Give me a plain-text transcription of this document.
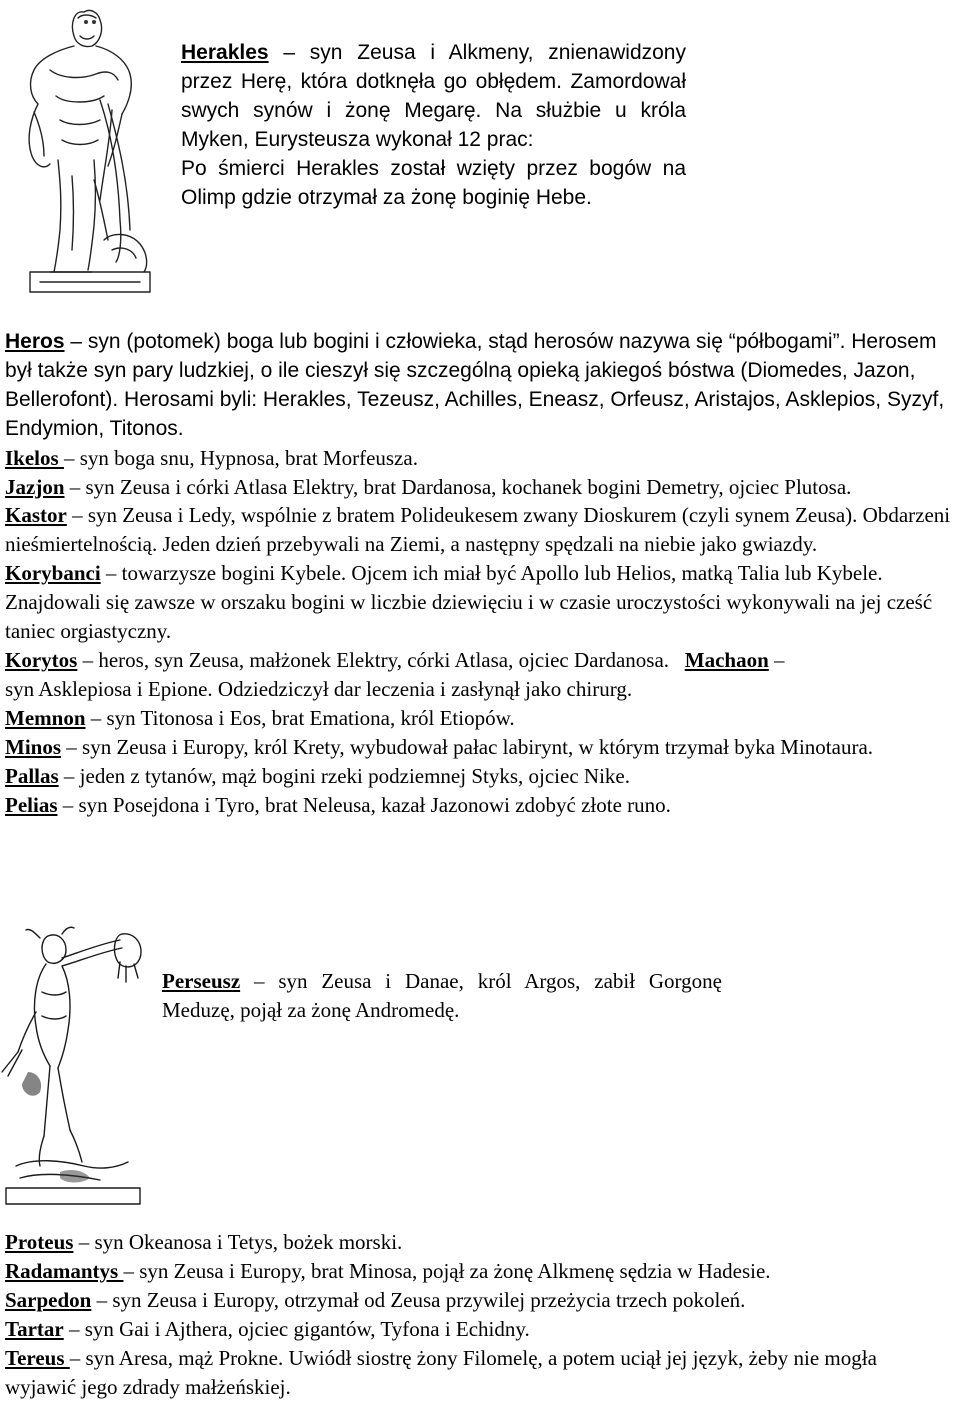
Herakles – syn Zeusa i Alkmeny, znienawidzony przez Herę, która dotknęła go obłędem. Zamordował swych synów i żonę Megarę. Na służbie u króla Myken, Eurysteusza wykonał 12 prac:
Po śmierci Herakles został wzięty przez bogów na Olimp gdzie otrzymał za żonę boginię Hebe.

Heros – syn (potomek) boga lub bogini i człowieka, stąd herosów nazywa się “półbogami”. Herosem był także syn pary ludzkiej, o ile cieszył się szczególną opieką jakiegoś bóstwa (Diomedes, Jazon, Bellerofont). Herosami byli: Herakles, Tezeusz, Achilles, Eneasz, Orfeusz, Aristajos, Asklepios, Syzyf, Endymion, Titonos.

Ikelos – syn boga snu, Hypnosa, brat Morfeusza.

Jazjon – syn Zeusa i córki Atlasa Elektry, brat Dardanosa, kochanek bogini Demetry, ojciec Plutosa.

Kastor – syn Zeusa i Ledy, wspólnie z bratem Polideukesem zwany Dioskurem (czyli synem Zeusa). Obdarzeni nieśmiertelnością. Jeden dzień przebywali na Ziemi, a następny spędzali na niebie jako gwiazdy.

Korybanci – towarzysze bogini Kybele. Ojcem ich miał być Apollo lub Helios, matką Talia lub Kybele. Znajdowali się zawsze w orszaku bogini w liczbie dziewięciu i w czasie uroczystości wykonywali na jej cześć taniec orgiastyczny.

Korytos – heros, syn Zeusa, małżonek Elektry, córki Atlasa, ojciec Dardanosa. Machaon –
syn Asklepiosa i Epione. Odziedziczył dar leczenia i zasłynął jako chirurg.

Memnon – syn Titonosa i Eos, brat Emationa, król Etiopów.

Minos – syn Zeusa i Europy, król Krety, wybudował pałac labirynt, w którym trzymał byka Minotaura.

Pallas – jeden z tytanów, mąż bogini rzeki podziemnej Styks, ojciec Nike.

Pelias – syn Posejdona i Tyro, brat Neleusa, kazał Jazonowi zdobyć złote runo.

Perseusz – syn Zeusa i Danae, król Argos, zabił Gorgonę Meduzę, pojął za żonę Andromedę.

Proteus – syn Okeanosa i Tetys, bożek morski.

Radamantys – syn Zeusa i Europy, brat Minosa, pojął za żonę Alkmenę sędzia w Hadesie.

Sarpedon – syn Zeusa i Europy, otrzymał od Zeusa przywilej przeżycia trzech pokoleń.

Tartar – syn Gai i Ajthera, ojciec gigantów, Tyfona i Echidny.

Tereus – syn Aresa, mąż Prokne. Uwiódł siostrę żony Filomelę, a potem uciął jej język, żeby nie mogła wyjawić jego zdrady małżeńskiej.
